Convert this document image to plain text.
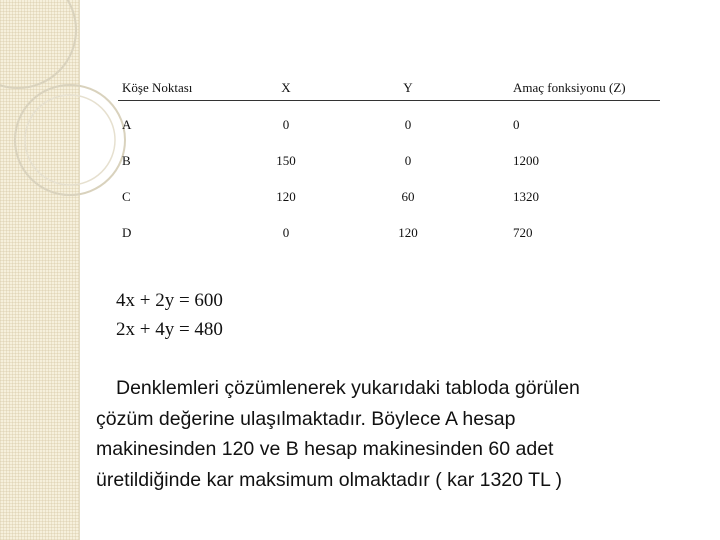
Köşe Noktası	X	Y	Amaç fonksiyonu (Z)
A	0	0	0
B	150	0	1200
C	120	60	1320
D	0	120	720
4x + 2y = 600
2x + 4y = 480
Denklemleri çözümlenerek yukarıdaki tabloda görülen
çözüm değerine ulaşılmaktadır. Böylece A hesap
makinesinden 120 ve B hesap makinesinden 60 adet
üretildiğinde kar maksimum olmaktadır ( kar 1320 TL )
